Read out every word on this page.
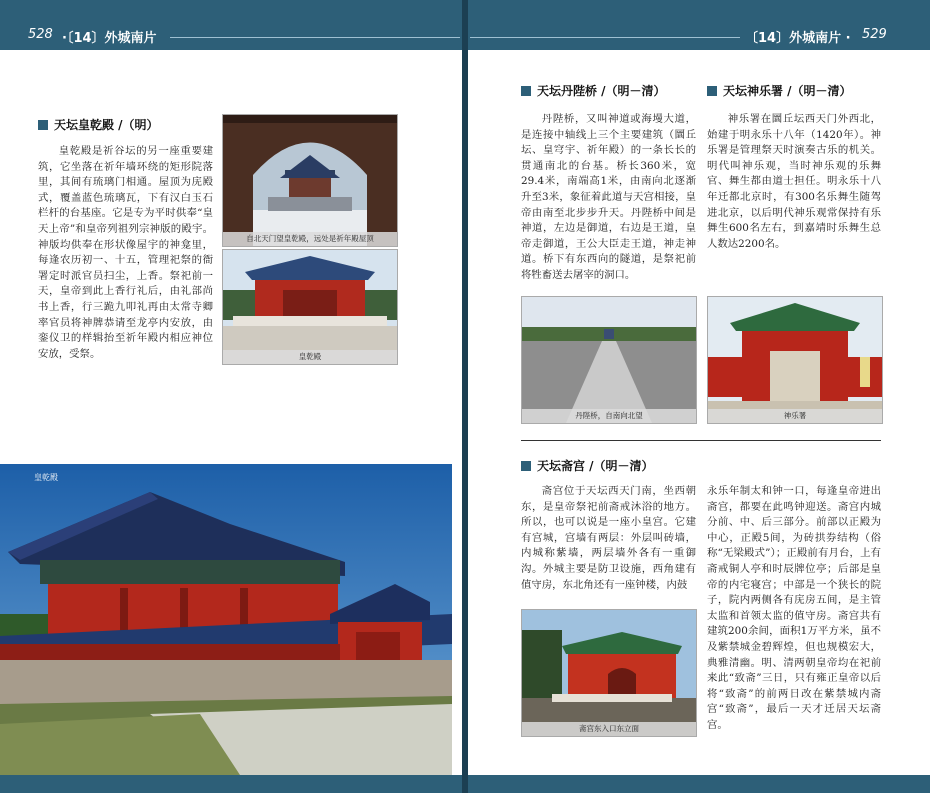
528 ·〔14〕外城南片	〔14〕外城南片 · 529
天坛皇乾殿 /（明）

皇乾殿是祈谷坛的另一座重要建筑，它坐落在祈年墙环绕的矩形院落里，其间有琉璃门相通。屋顶为庑殿式，覆盖蓝色琉璃瓦，下有汉白玉石栏杆的台基座。它是专为平时供奉“皇天上帝”和皇帝列祖列宗神版的殿宇。神版均供奉在形状像屋宇的神龛里，每逢农历初一、十五，管理祀祭的衙署定时派官员扫尘，上香。祭祀前一天，皇帝到此上香行礼后，由礼部尚书上香，行三跪九叩礼再由太常寺卿率官员将神牌恭请至龙亭内安放，由銮仪卫的样辑抬至祈年殿内相应神位安放，受祭。

自北天门望皇乾殿，远处是祈年殿屋顶
皇乾殿
皇乾殿
天坛丹陛桥 /（明－清）

丹陛桥，又叫神道或海墁大道，是连接中轴线上三个主要建筑（圜丘坛、皇穹宇、祈年殿）的一条长长的贯通南北的台基。桥长360米，宽29.4米，南端高1米，由南向北逐渐升至3米，象征着此道与天宫相接，皇帝由南至北步步升天。丹陛桥中间是神道，左边是御道，右边是王道，皇帝走御道，王公大臣走王道，神走神道。桥下有东西向的隧道，是祭祀前将牲畜送去屠宰的洞口。

天坛神乐署 /（明－清）

神乐署在圜丘坛西天门外西北，始建于明永乐十八年（1420年）。神乐署是管理祭天时演奏古乐的机关。明代叫神乐观，当时神乐观的乐舞官、舞生都由道士担任。明永乐十八年迁都北京时，有300名乐舞生随驾进北京，以后明代神乐观常保持有乐舞生600名左右，到嘉靖时乐舞生总人数达2200名。

丹陛桥，自南向北望	神乐署
天坛斋宫 /（明－清）

斋宫位于天坛西天门南，坐西朝东，是皇帝祭祀前斋戒沐浴的地方。所以，也可以说是一座小皇宫。它建有宫城，宫墙有两层：外层叫砖墙，内城称紫墙，两层墙外各有一重御沟。外城主要是防卫设施，西角建有值守房，东北角还有一座钟楼，内鼓

永乐年制太和钟一口，每逢皇帝进出斋宫，都要在此鸣钟迎送。斋宫内城分前、中、后三部分。前部以正殿为中心，正殿5间，为砖拱券结构（俗称“无梁殿式”）；正殿前有月台，上有斋戒铜人亭和时辰牌位亭；后部是皇帝的内宅寝宫；中部是一个狭长的院子，院内两侧各有庑房五间，是主管太监和首领太监的值守房。斋宫共有建筑200余间，面积1万平方米，虽不及紫禁城金碧辉煌，但也规模宏大，典雅清幽。明、清两朝皇帝均在祀前来此“致斋”三日，只有雍正皇帝以后将“致斋”的前两日改在紫禁城内斋宫“致斋”，最后一天才迁居天坛斋宫。

斋宫东入口东立面
